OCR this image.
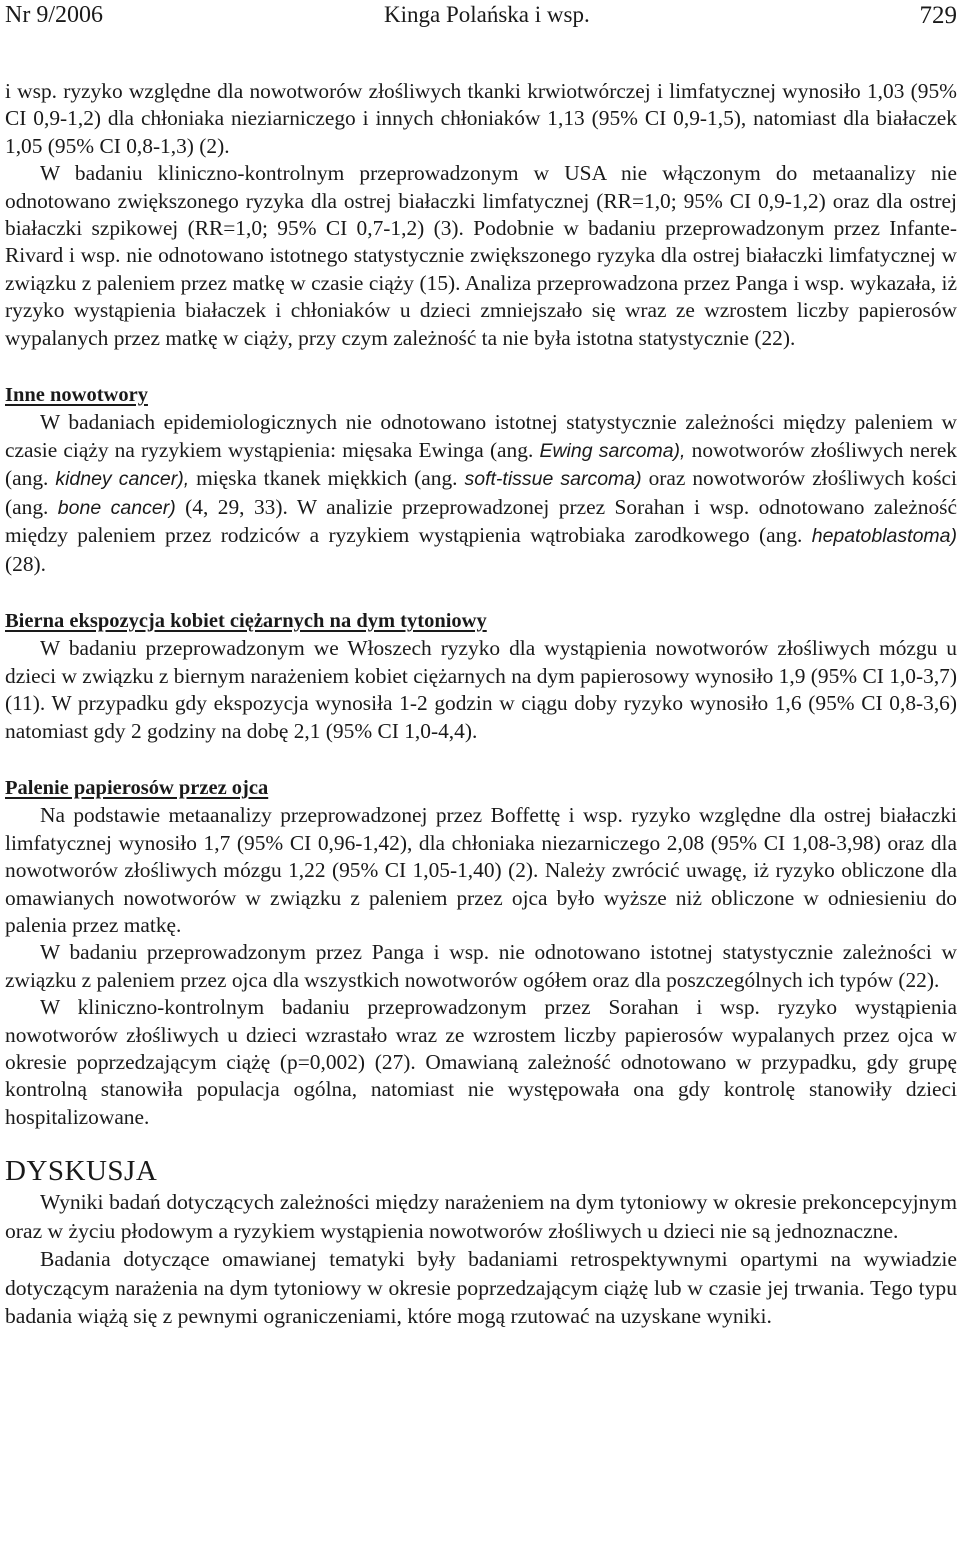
Nr 9/2006	Kinga Polańska i wsp.	729

i wsp. ryzyko względne dla nowotworów złośliwych tkanki krwiotwórczej i limfatycznej wynosiło 1,03 (95% CI 0,9-1,2) dla chłoniaka nieziarniczego i innych chłoniaków 1,13 (95% CI 0,9-1,5), natomiast dla białaczek 1,05 (95% CI 0,8-1,3) (2).

W badaniu kliniczno-kontrolnym przeprowadzonym w USA nie włączonym do metaanalizy nie odnotowano zwiększonego ryzyka dla ostrej białaczki limfatycznej (RR=1,0; 95% CI 0,9-1,2) oraz dla ostrej białaczki szpikowej (RR=1,0; 95% CI 0,7-1,2) (3). Podobnie w badaniu przeprowadzonym przez Infante-Rivard i wsp. nie odnotowano istotnego statystycznie zwiększonego ryzyka dla ostrej białaczki limfatycznej w związku z paleniem przez matkę w czasie ciąży (15). Analiza przeprowadzona przez Panga i wsp. wykazała, iż ryzyko wystąpienia białaczek i chłoniaków u dzieci zmniejszało się wraz ze wzrostem liczby papierosów wypalanych przez matkę w ciąży, przy czym zależność ta nie była istotna statystycznie (22).

Inne nowotwory

W badaniach epidemiologicznych nie odnotowano istotnej statystycznie zależności między paleniem w czasie ciąży na ryzykiem wystąpienia: mięsaka Ewinga (ang. Ewing sarcoma), nowotworów złośliwych nerek (ang. kidney cancer), mięska tkanek miękkich (ang. soft-tissue sarcoma) oraz nowotworów złośliwych kości (ang. bone cancer) (4, 29, 33). W analizie przeprowadzonej przez Sorahan i wsp. odnotowano zależność między paleniem przez rodziców a ryzykiem wystąpienia wątrobiaka zarodkowego (ang. hepatoblastoma) (28).

Bierna ekspozycja kobiet ciężarnych na dym tytoniowy

W badaniu przeprowadzonym we Włoszech ryzyko dla wystąpienia nowotworów złośliwych mózgu u dzieci w związku z biernym narażeniem kobiet ciężarnych na dym papierosowy wynosiło 1,9 (95% CI 1,0-3,7) (11). W przypadku gdy ekspozycja wynosiła 1-2 godzin w ciągu doby ryzyko wynosiło 1,6 (95% CI 0,8-3,6) natomiast gdy 2 godziny na dobę 2,1 (95% CI 1,0-4,4).

Palenie papierosów przez ojca

Na podstawie metaanalizy przeprowadzonej przez Boffettę i wsp. ryzyko względne dla ostrej białaczki limfatycznej wynosiło 1,7 (95% CI 0,96-1,42), dla chłoniaka niezarniczego 2,08 (95% CI 1,08-3,98) oraz dla nowotworów złośliwych mózgu 1,22 (95% CI 1,05-1,40) (2). Należy zwrócić uwagę, iż ryzyko obliczone dla omawianych nowotworów w związku z paleniem przez ojca było wyższe niż obliczone w odniesieniu do palenia przez matkę.

W badaniu przeprowadzonym przez Panga i wsp. nie odnotowano istotnej statystycznie zależności w związku z paleniem przez ojca dla wszystkich nowotworów ogółem oraz dla poszczególnych ich typów (22).

W kliniczno-kontrolnym badaniu przeprowadzonym przez Sorahan i wsp. ryzyko wystąpienia nowotworów złośliwych u dzieci wzrastało wraz ze wzrostem liczby papierosów wypalanych przez ojca w okresie poprzedzającym ciążę (p=0,002) (27). Omawianą zależność odnotowano w przypadku, gdy grupę kontrolną stanowiła populacja ogólna, natomiast nie występowała ona gdy kontrolę stanowiły dzieci hospitalizowane.

DYSKUSJA

Wyniki badań dotyczących zależności między narażeniem na dym tytoniowy w okresie prekoncepcyjnym oraz w życiu płodowym a ryzykiem wystąpienia nowotworów złośliwych u dzieci nie są jednoznaczne.

Badania dotyczące omawianej tematyki były badaniami retrospektywnymi opartymi na wywiadzie dotyczącym narażenia na dym tytoniowy w okresie poprzedzającym ciążę lub w czasie jej trwania. Tego typu badania wiążą się z pewnymi ograniczeniami, które mogą rzutować na uzyskane wyniki.
